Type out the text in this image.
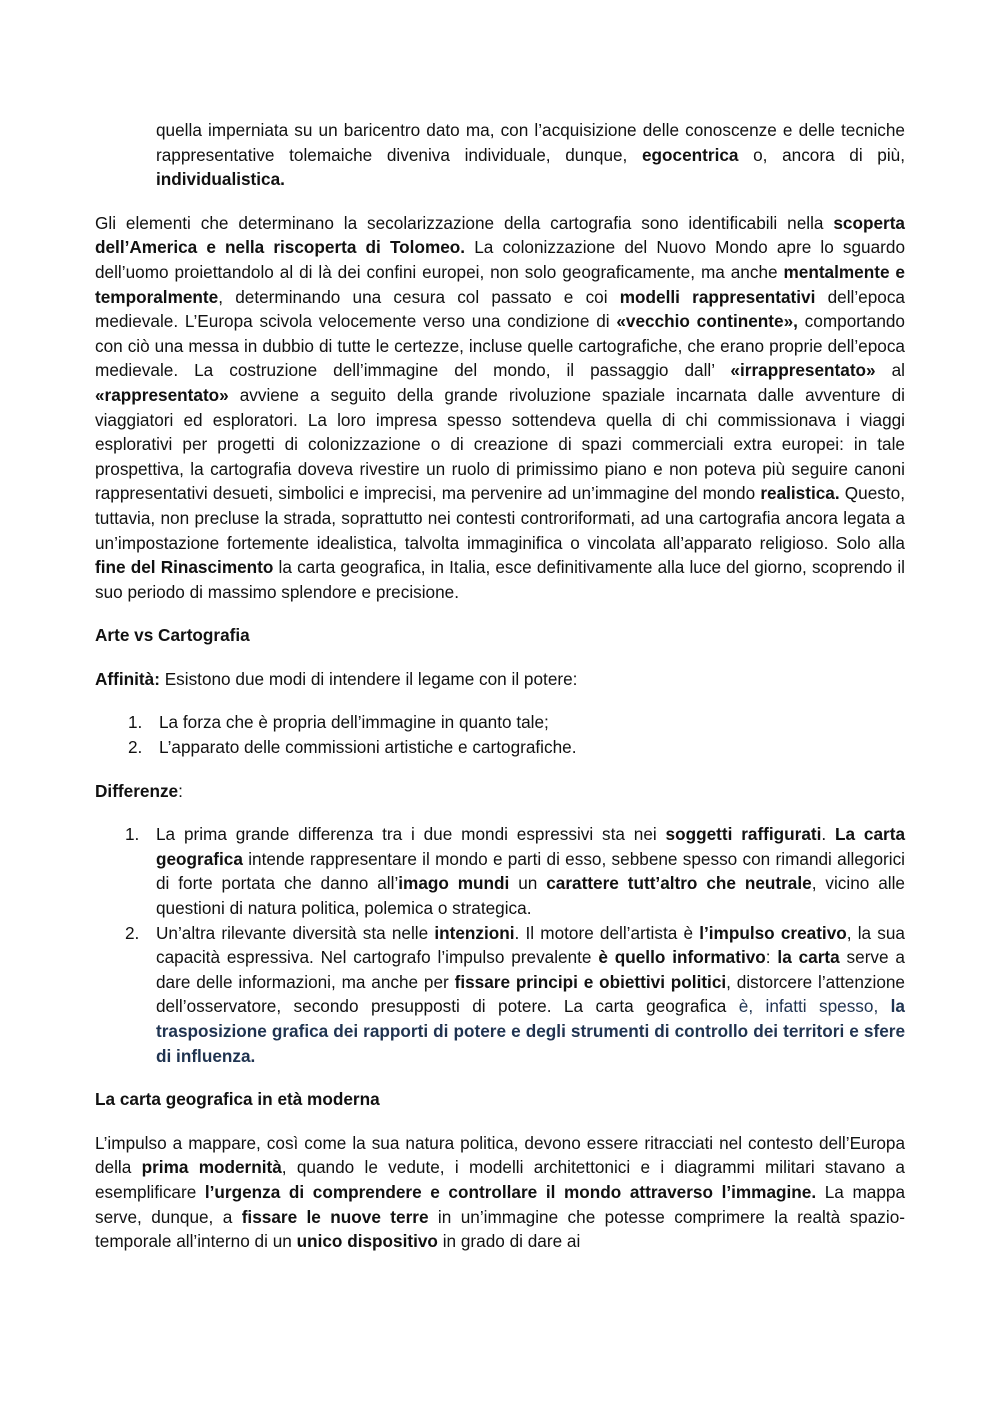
quella imperniata su un baricentro dato ma, con l’acquisizione delle conoscenze e delle tecniche rappresentative tolemaiche diveniva individuale, dunque, egocentrica o, ancora di più, individualistica.

Gli elementi che determinano la secolarizzazione della cartografia sono identificabili nella scoperta dell’America e nella riscoperta di Tolomeo. La colonizzazione del Nuovo Mondo apre lo sguardo dell’uomo proiettandolo al di là dei confini europei, non solo geograficamente, ma anche mentalmente e temporalmente, determinando una cesura col passato e coi modelli rappresentativi dell’epoca medievale. L’Europa scivola velocemente verso una condizione di «vecchio continente», comportando con ciò una messa in dubbio di tutte le certezze, incluse quelle cartografiche, che erano proprie dell’epoca medievale. La costruzione dell’immagine del mondo, il passaggio dall’ «irrappresentato» al «rappresentato» avviene a seguito della grande rivoluzione spaziale incarnata dalle avventure di viaggiatori ed esploratori. La loro impresa spesso sottendeva quella di chi commissionava i viaggi esplorativi per progetti di colonizzazione o di creazione di spazi commerciali extra europei: in tale prospettiva, la cartografia doveva rivestire un ruolo di primissimo piano e non poteva più seguire canoni rappresentativi desueti, simbolici e imprecisi, ma pervenire ad un’immagine del mondo realistica. Questo, tuttavia, non precluse la strada, soprattutto nei contesti controriformati, ad una cartografia ancora legata a un’impostazione fortemente idealistica, talvolta immaginifica o vincolata all’apparato religioso. Solo alla fine del Rinascimento la carta geografica, in Italia, esce definitivamente alla luce del giorno, scoprendo il suo periodo di massimo splendore e precisione.

Arte vs Cartografia

Affinità: Esistono due modi di intendere il legame con il potere:

1. La forza che è propria dell’immagine in quanto tale;
2. L’apparato delle commissioni artistiche e cartografiche.

Differenze:

1. La prima grande differenza tra i due mondi espressivi sta nei soggetti raffigurati. La carta geografica intende rappresentare il mondo e parti di esso, sebbene spesso con rimandi allegorici di forte portata che danno all’imago mundi un carattere tutt’altro che neutrale, vicino alle questioni di natura politica, polemica o strategica.
2. Un’altra rilevante diversità sta nelle intenzioni. Il motore dell’artista è l’impulso creativo, la sua capacità espressiva. Nel cartografo l’impulso prevalente è quello informativo: la carta serve a dare delle informazioni, ma anche per fissare principi e obiettivi politici, distorcere l’attenzione dell’osservatore, secondo presupposti di potere. La carta geografica è, infatti spesso, la trasposizione grafica dei rapporti di potere e degli strumenti di controllo dei territori e sfere di influenza.

La carta geografica in età moderna

L’impulso a mappare, così come la sua natura politica, devono essere ritracciati nel contesto dell’Europa della prima modernità, quando le vedute, i modelli architettonici e i diagrammi militari stavano a esemplificare l’urgenza di comprendere e controllare il mondo attraverso l’immagine. La mappa serve, dunque, a fissare le nuove terre in un’immagine che potesse comprimere la realtà spazio-temporale all’interno di un unico dispositivo in grado di dare ai
